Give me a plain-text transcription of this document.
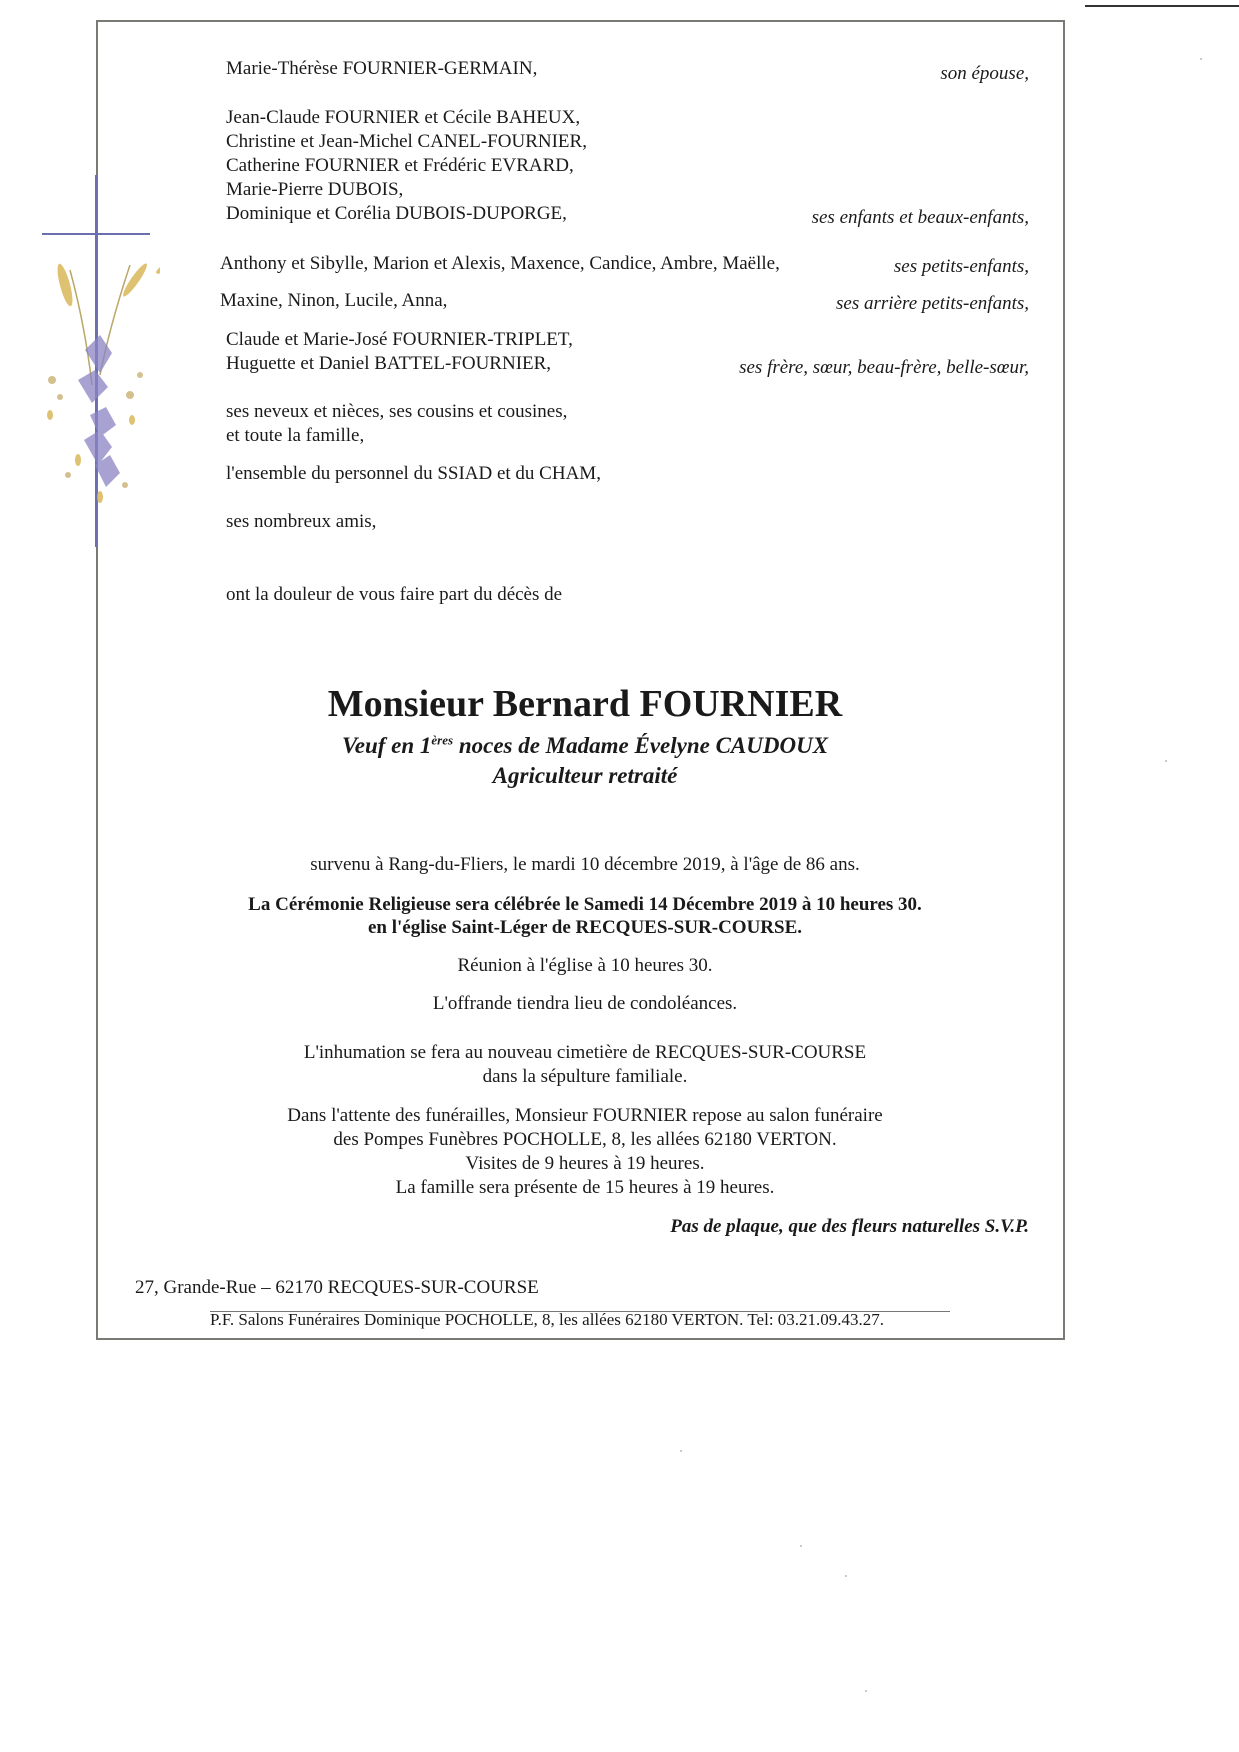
Marie-Thérèse FOURNIER-GERMAIN,	son épouse,
Jean-Claude FOURNIER et Cécile BAHEUX,
Christine et Jean-Michel CANEL-FOURNIER,
Catherine FOURNIER et Frédéric EVRARD,
Marie-Pierre DUBOIS,
Dominique et Corélia DUBOIS-DUPORGE,	ses enfants et beaux-enfants,
Anthony et Sibylle, Marion et Alexis, Maxence, Candice, Ambre, Maëlle,	ses petits-enfants,
Maxine, Ninon, Lucile, Anna,	ses arrière petits-enfants,
Claude et Marie-José FOURNIER-TRIPLET,
Huguette et Daniel BATTEL-FOURNIER,	ses frère, sœur, beau-frère, belle-sœur,
ses neveux et nièces, ses cousins et cousines,
et toute la famille,
l'ensemble du personnel du SSIAD et du CHAM,
ses nombreux amis,
ont la douleur de vous faire part du décès de
Monsieur Bernard FOURNIER
Veuf en 1ères noces de Madame Évelyne CAUDOUX
Agriculteur retraité
survenu à Rang-du-Fliers, le mardi 10 décembre 2019, à l'âge de 86 ans.
La Cérémonie Religieuse sera célébrée le Samedi 14 Décembre 2019 à 10 heures 30.
en l'église Saint-Léger de RECQUES-SUR-COURSE.
Réunion à l'église à 10 heures 30.
L'offrande tiendra lieu de condoléances.
L'inhumation se fera au nouveau cimetière de RECQUES-SUR-COURSE
dans la sépulture familiale.
Dans l'attente des funérailles, Monsieur FOURNIER repose au salon funéraire
des Pompes Funèbres POCHOLLE, 8, les allées 62180 VERTON.
Visites de 9 heures à 19 heures.
La famille sera présente de 15 heures à 19 heures.
Pas de plaque, que des fleurs naturelles S.V.P.
27, Grande-Rue – 62170 RECQUES-SUR-COURSE
P.F. Salons Funéraires Dominique POCHOLLE, 8, les allées 62180 VERTON. Tel: 03.21.09.43.27.
